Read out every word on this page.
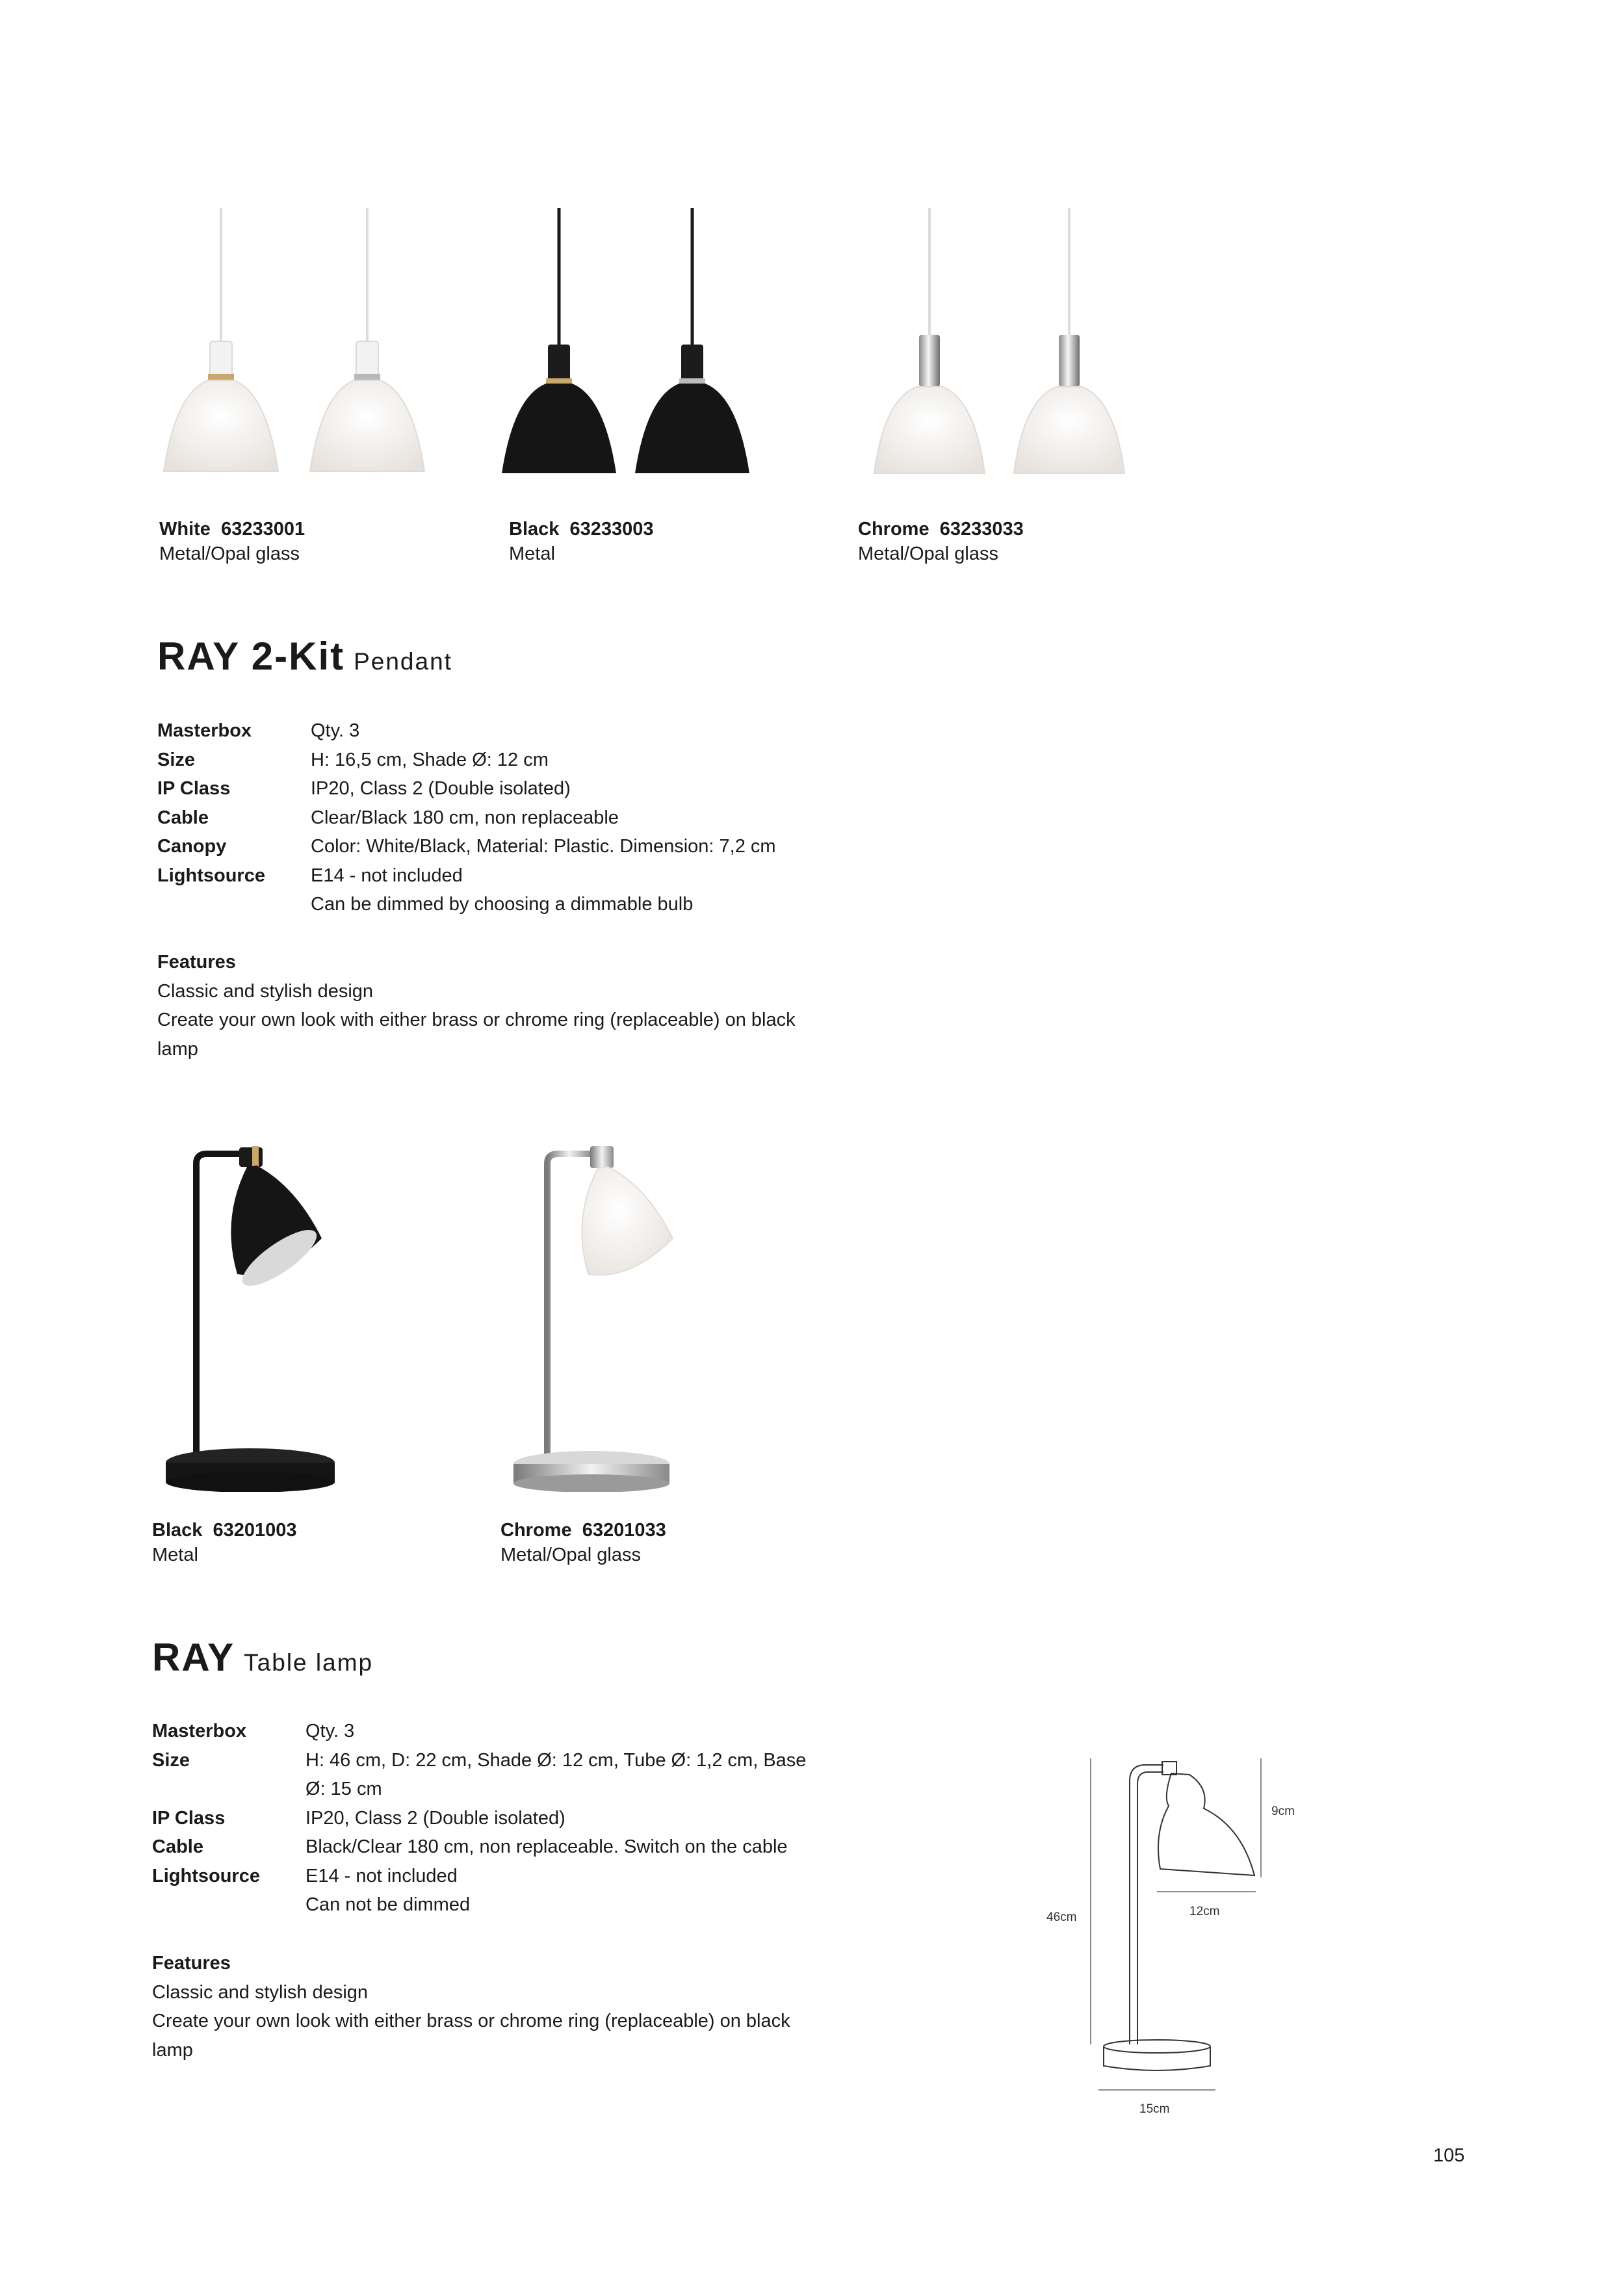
White 63233001
Metal/Opal glass
Black 63233003
Metal
Chrome 63233033
Metal/Opal glass
RAY 2-Kit Pendant
Masterbox	Qty. 3
Size	H: 16,5 cm, Shade Ø: 12 cm
IP Class	IP20, Class 2 (Double isolated)
Cable	Clear/Black 180 cm, non replaceable
Canopy	Color: White/Black, Material: Plastic. Dimension: 7,2 cm
Lightsource	E14 - not included
	Can be dimmed by choosing a dimmable bulb
Features
Classic and stylish design
Create your own look with either brass or chrome ring (replaceable) on black
lamp
Black 63201003
Metal
Chrome 63201033
Metal/Opal glass
RAY Table lamp
Masterbox	Qty. 3
Size	H: 46 cm, D: 22 cm, Shade Ø: 12 cm, Tube Ø: 1,2 cm, Base
	Ø: 15 cm
IP Class	IP20, Class 2 (Double isolated)
Cable	Black/Clear 180 cm, non replaceable. Switch on the cable
Lightsource	E14 - not included
	Can not be dimmed
Features
Classic and stylish design
Create your own look with either brass or chrome ring (replaceable) on black
lamp
9cm
12cm
46cm
15cm
105
